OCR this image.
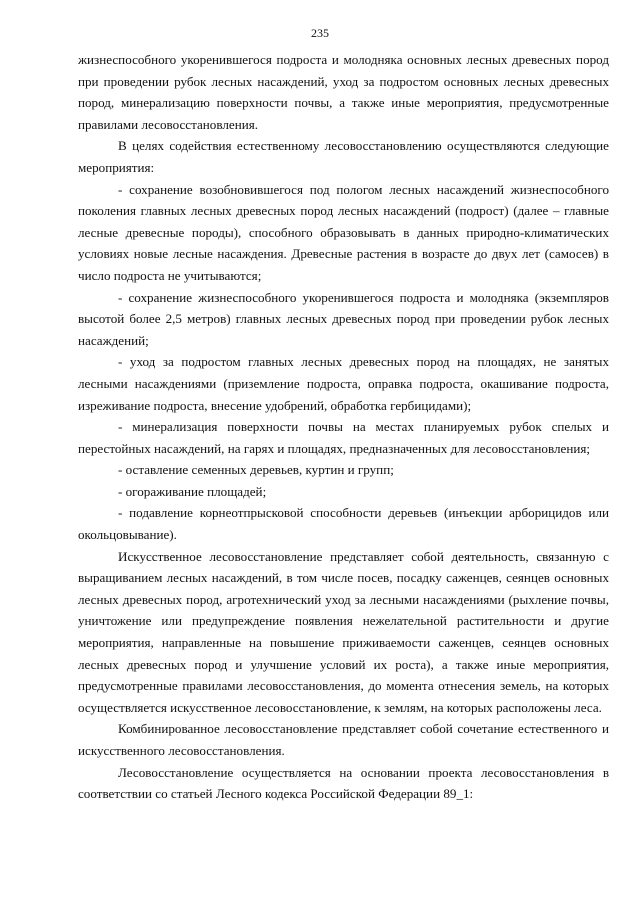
235

жизнеспособного укоренившегося подроста и молодняка основных лесных древесных пород при проведении рубок лесных насаждений, уход за подростом основных лесных древесных пород, минерализацию поверхности почвы, а также иные мероприятия, предусмотренные правилами лесовосстановления.

В целях содействия естественному лесовосстановлению осуществляются следующие мероприятия:

- сохранение возобновившегося под пологом лесных насаждений жизнеспособного поколения главных лесных древесных пород лесных насаждений (подрост) (далее – главные лесные древесные породы), способного образовывать в данных природно-климатических условиях новые лесные насаждения. Древесные растения в возрасте до двух лет (самосев) в число подроста не учитываются;

- сохранение жизнеспособного укоренившегося подроста и молодняка (экземпляров высотой более 2,5 метров) главных лесных древесных пород при проведении рубок лесных насаждений;

- уход за подростом главных лесных древесных пород на площадях, не занятых лесными насаждениями (приземление подроста, оправка подроста, окашивание подроста, изреживание подроста, внесение удобрений, обработка гербицидами);

- минерализация поверхности почвы на местах планируемых рубок спелых и перестойных насаждений, на гарях и площадях, предназначенных для лесовосстановления;

- оставление семенных деревьев, куртин и групп;

- огораживание площадей;

- подавление корнеотпрысковой способности деревьев (инъекции арборицидов или окольцовывание).

Искусственное лесовосстановление представляет собой деятельность, связанную с выращиванием лесных насаждений, в том числе посев, посадку саженцев, сеянцев основных лесных древесных пород, агротехнический уход за лесными насаждениями (рыхление почвы, уничтожение или предупреждение появления нежелательной растительности и другие мероприятия, направленные на повышение приживаемости саженцев, сеянцев основных лесных древесных пород и улучшение условий их роста), а также иные мероприятия, предусмотренные правилами лесовосстановления, до момента отнесения земель, на которых осуществляется искусственное лесовосстановление, к землям, на которых расположены леса.

Комбинированное лесовосстановление представляет собой сочетание естественного и искусственного лесовосстановления.

Лесовосстановление осуществляется на основании проекта лесовосстановления в соответствии со статьей Лесного кодекса Российской Федерации 89_1:
